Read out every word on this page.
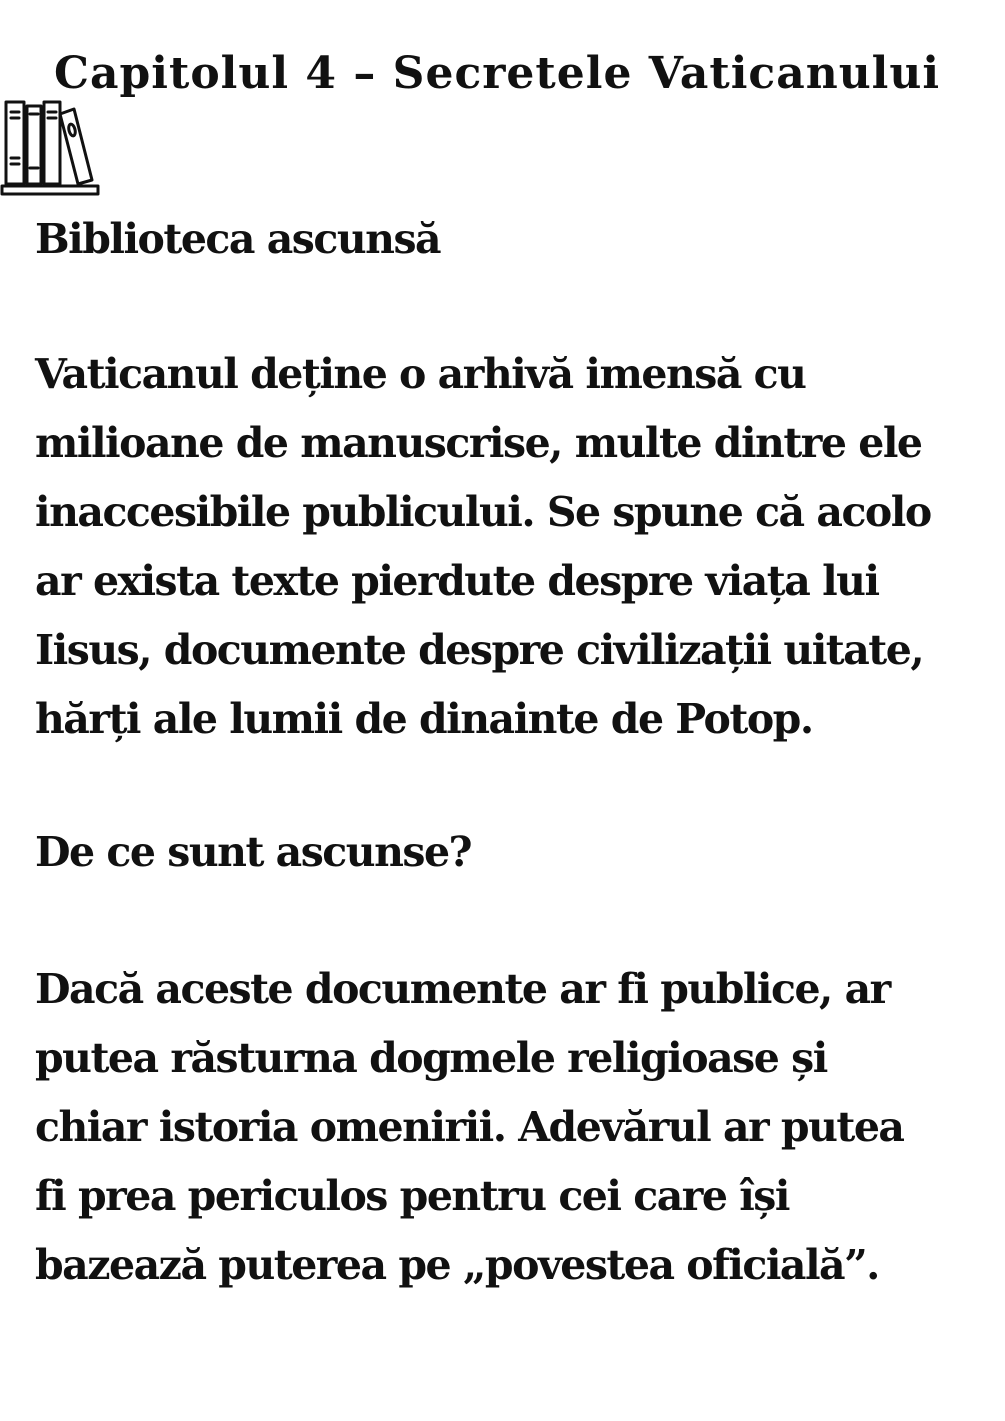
Capitolul 4 – Secretele Vaticanului
Biblioteca ascunsă

Vaticanul deține o arhivă imensă cu
milioane de manuscrise, multe dintre ele
inaccesibile publicului. Se spune că acolo
ar exista texte pierdute despre viața lui
Iisus, documente despre civilizații uitate,
hărți ale lumii de dinainte de Potop.

De ce sunt ascunse?

Dacă aceste documente ar fi publice, ar
putea răsturna dogmele religioase și
chiar istoria omenirii. Adevărul ar putea
fi prea periculos pentru cei care își
bazează puterea pe „povestea oficială”.
